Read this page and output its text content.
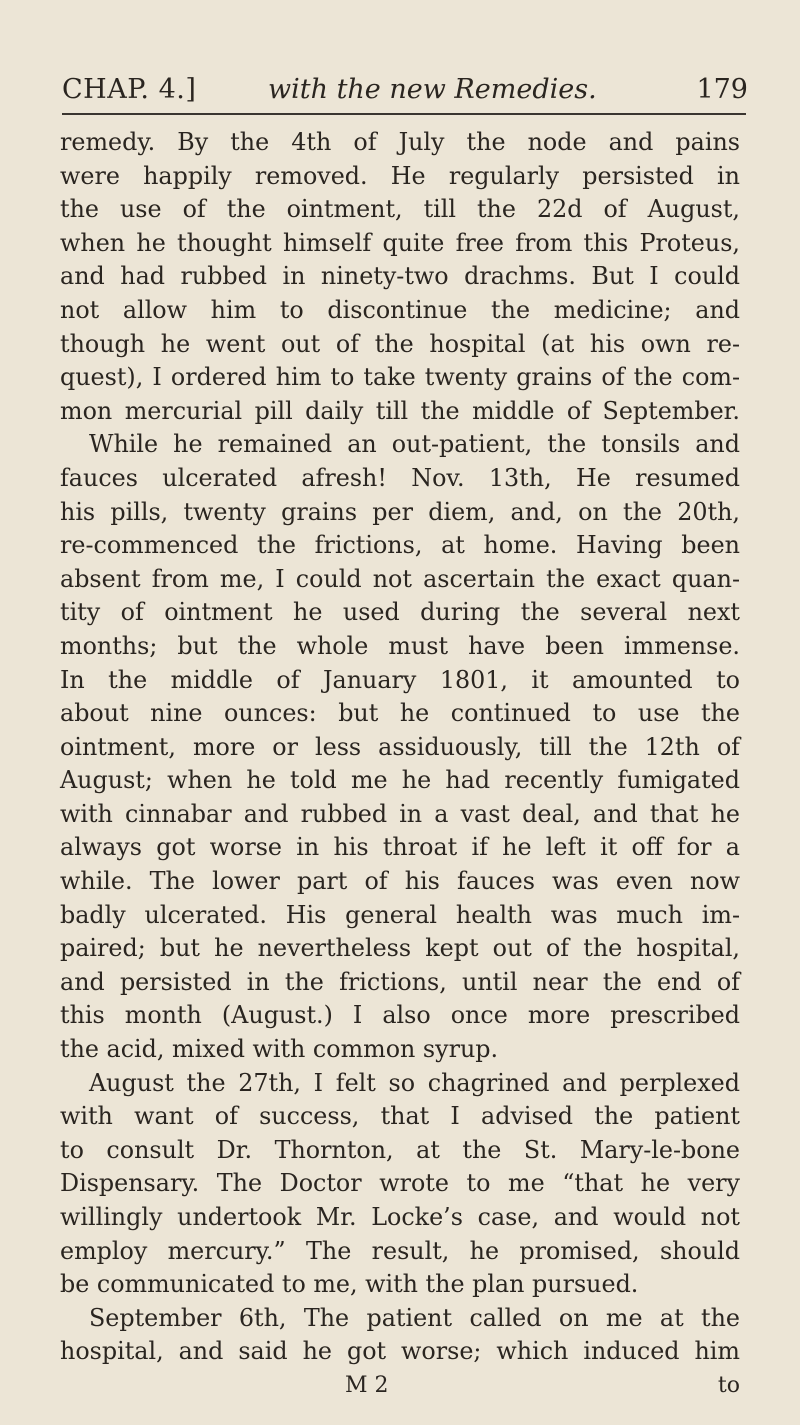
CHAP. 4.]	with the new Remedies.	179

remedy. By the 4th of July the node and pains

were happily removed. He regularly persisted in

the use of the ointment, till the 22d of August,

when he thought himself quite free from this Proteus,

and had rubbed in ninety-two drachms. But I could

not allow him to discontinue the medicine; and

though he went out of the hospital (at his own re-

quest), I ordered him to take twenty grains of the com-

mon mercurial pill daily till the middle of September.

While he remained an out-patient, the tonsils and

fauces ulcerated afresh! Nov. 13th, He resumed

his pills, twenty grains per diem, and, on the 20th,

re-commenced the frictions, at home. Having been

absent from me, I could not ascertain the exact quan-

tity of ointment he used during the several next

months; but the whole must have been immense.

In the middle of January 1801, it amounted to

about nine ounces: but he continued to use the

ointment, more or less assiduously, till the 12th of

August; when he told me he had recently fumigated

with cinnabar and rubbed in a vast deal, and that he

always got worse in his throat if he left it off for a

while. The lower part of his fauces was even now

badly ulcerated. His general health was much im-

paired; but he nevertheless kept out of the hospital,

and persisted in the frictions, until near the end of

this month (August.) I also once more prescribed

the acid, mixed with common syrup.

August the 27th, I felt so chagrined and perplexed

with want of success, that I advised the patient

to consult Dr. Thornton, at the St. Mary-le-bone

Dispensary. The Doctor wrote to me “that he very

willingly undertook Mr. Locke’s case, and would not

employ mercury.” The result, he promised, should

be communicated to me, with the plan pursued.

September 6th, The patient called on me at the

hospital, and said he got worse; which induced him

M 2	to
